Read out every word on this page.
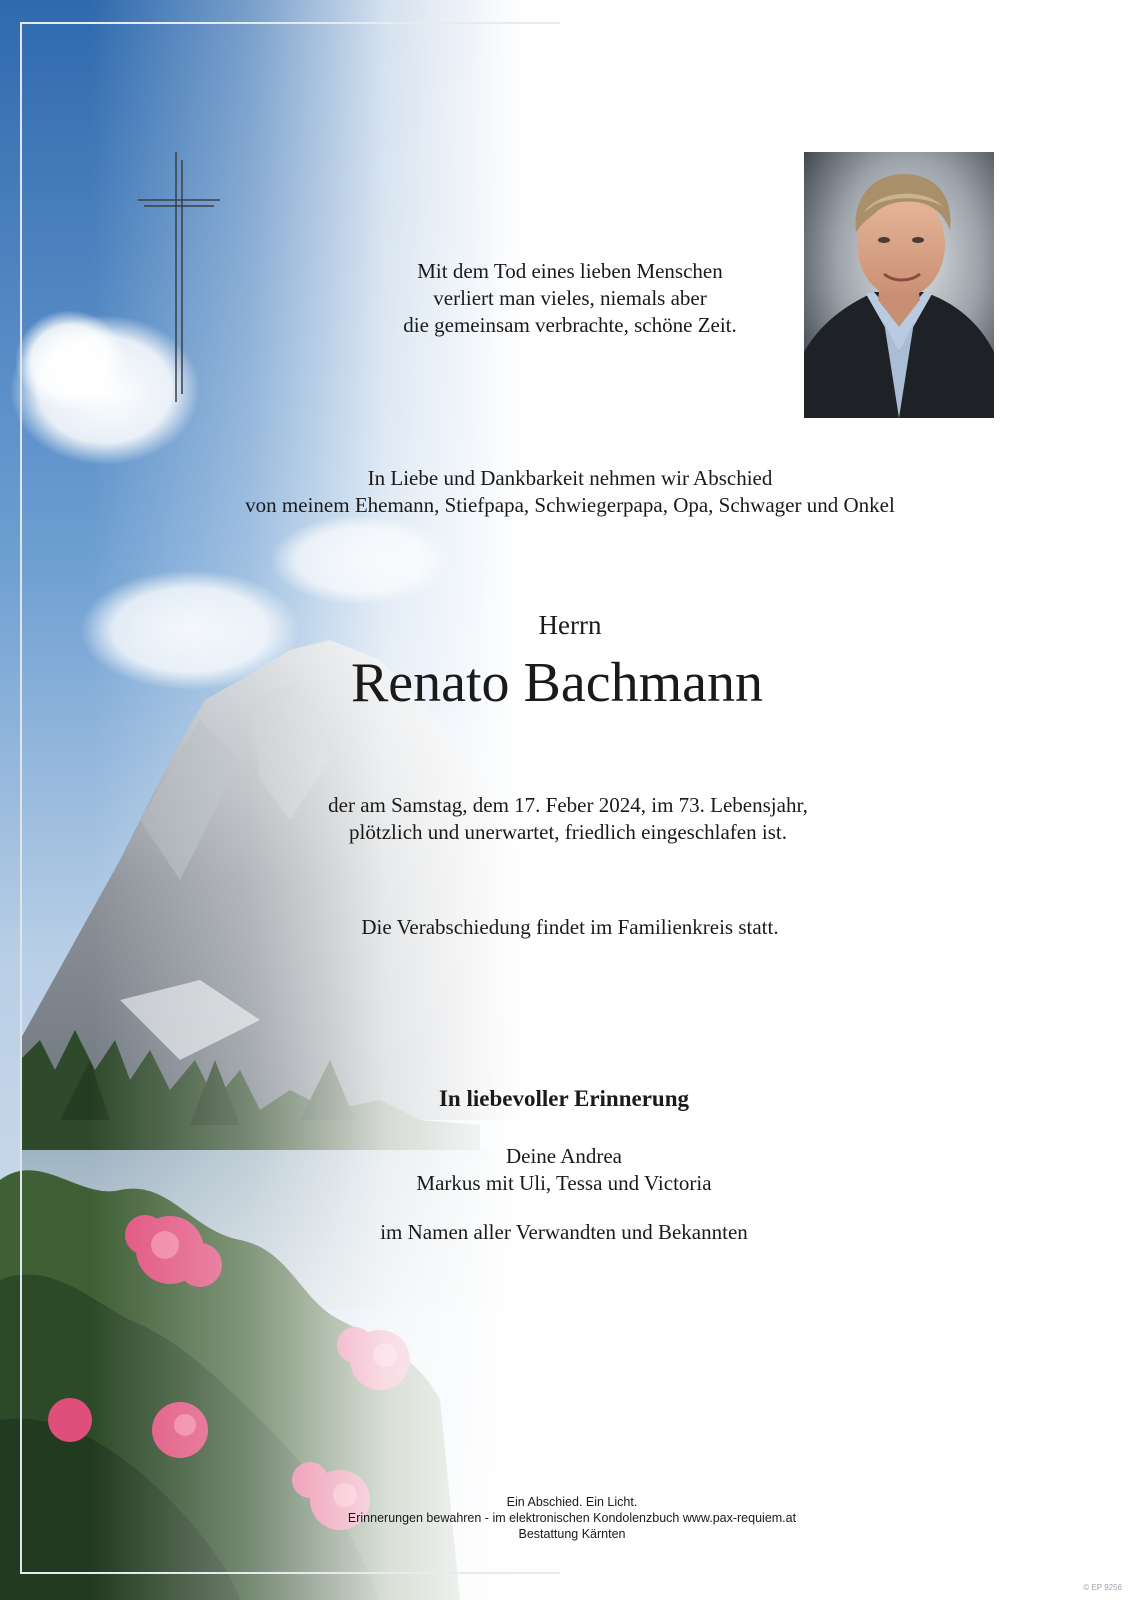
Mit dem Tod eines lieben Menschen
verliert man vieles, niemals aber
die gemeinsam verbrachte, schöne Zeit.
In Liebe und Dankbarkeit nehmen wir Abschied
von meinem Ehemann, Stiefpapa, Schwiegerpapa, Opa, Schwager und Onkel
Herrn
Renato Bachmann
der am Samstag, dem 17. Feber 2024, im 73. Lebensjahr,
plötzlich und unerwartet, friedlich eingeschlafen ist.
Die Verabschiedung findet im Familienkreis statt.
In liebevoller Erinnerung
Deine Andrea
Markus mit Uli, Tessa und Victoria
im Namen aller Verwandten und Bekannten
Ein Abschied. Ein Licht.
Erinnerungen bewahren - im elektronischen Kondolenzbuch www.pax-requiem.at
Bestattung Kärnten
© EP 9256
